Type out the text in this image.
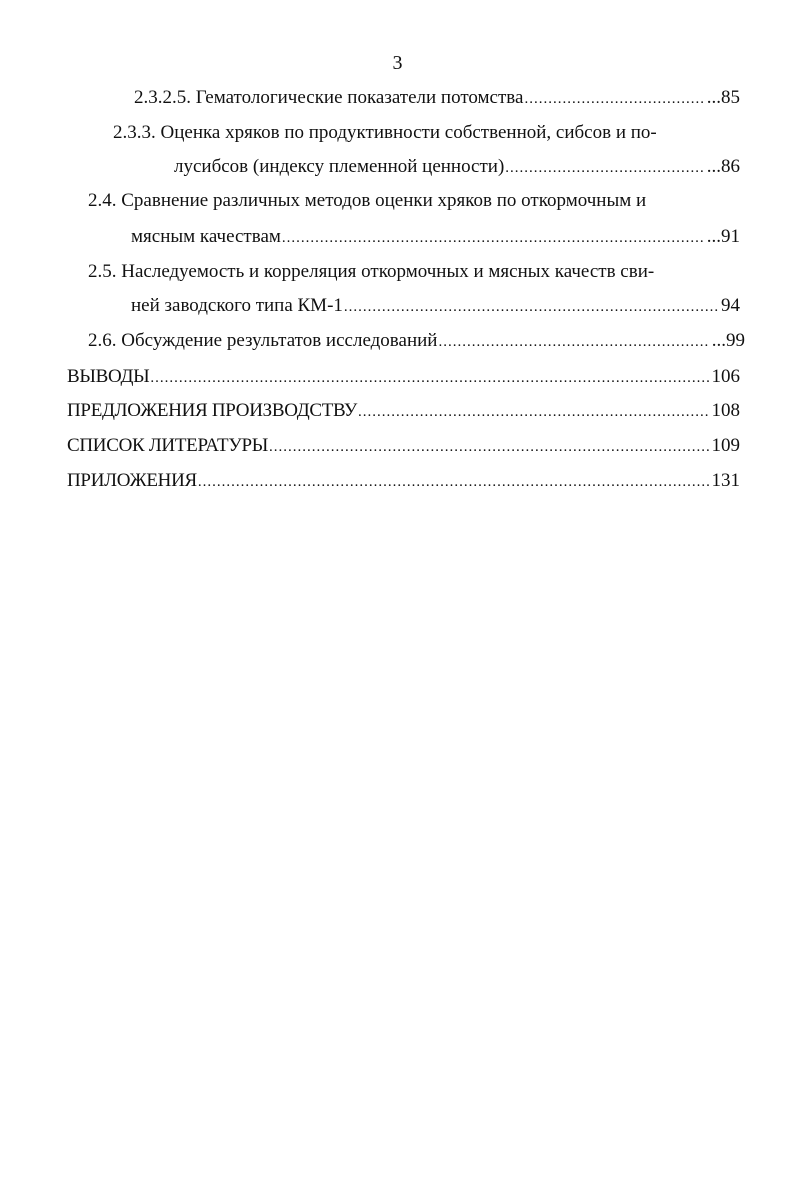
3
2.3.2.5. Гематологические показатели потомства .....	...85
2.3.3. Оценка хряков по продуктивности собственной, сибсов и по-
лусибсов (индексу племенной ценности) .....	...86
2.4. Сравнение различных методов оценки хряков по откормочным и
мясным качествам .....	...91
2.5. Наследуемость и корреляция откормочных и мясных качеств сви-
ней заводского типа КМ-1 .....	94
2.6. Обсуждение результатов исследований .....	...99
ВЫВОДЫ .....	106
ПРЕДЛОЖЕНИЯ ПРОИЗВОДСТВУ .....	108
СПИСОК ЛИТЕРАТУРЫ .....	109
ПРИЛОЖЕНИЯ .....	131
